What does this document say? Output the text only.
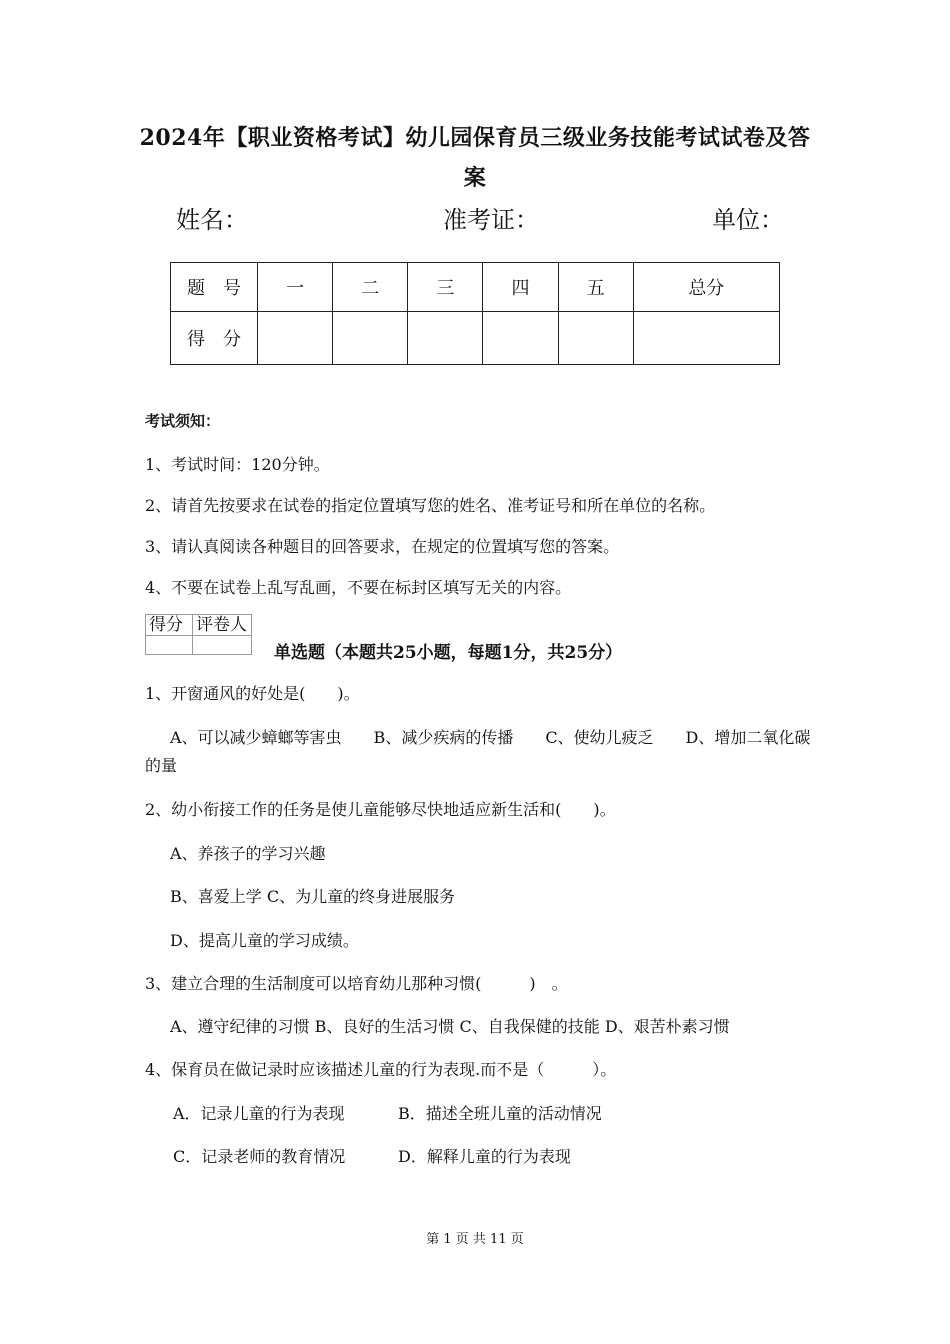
2024年【职业资格考试】幼儿园保育员三级业务技能考试试卷及答
案
姓名：	准考证：	单位：
题　号	一	二	三	四	五	总分
得　分						
考试须知：
1、考试时间：120分钟。
2、请首先按要求在试卷的指定位置填写您的姓名、准考证号和所在单位的名称。
3、请认真阅读各种题目的回答要求，在规定的位置填写您的答案。
4、不要在试卷上乱写乱画，不要在标封区填写无关的内容。
得分	评卷人

单选题（本题共25小题，每题1分，共25分）
1、开窗通风的好处是(　　)。
A、可以减少蟑螂等害虫　　B、减少疾病的传播　　C、使幼儿疲乏　　D、增加二氧化碳
的量
2、幼小衔接工作的任务是使儿童能够尽快地适应新生活和(　　)。
A、养孩子的学习兴趣
B、喜爱上学 C、为儿童的终身进展服务
D、提高儿童的学习成绩。
3、建立合理的生活制度可以培育幼儿那种习惯(　　　)　。
A、遵守纪律的习惯 B、良好的生活习惯 C、自我保健的技能 D、艰苦朴素习惯
4、保育员在做记录时应该描述儿童的行为表现.而不是（　　　）。
A．记录儿童的行为表现	B．描述全班儿童的活动情况
C．记录老师的教育情况	D．解释儿童的行为表现
第 1 页 共 11 页
